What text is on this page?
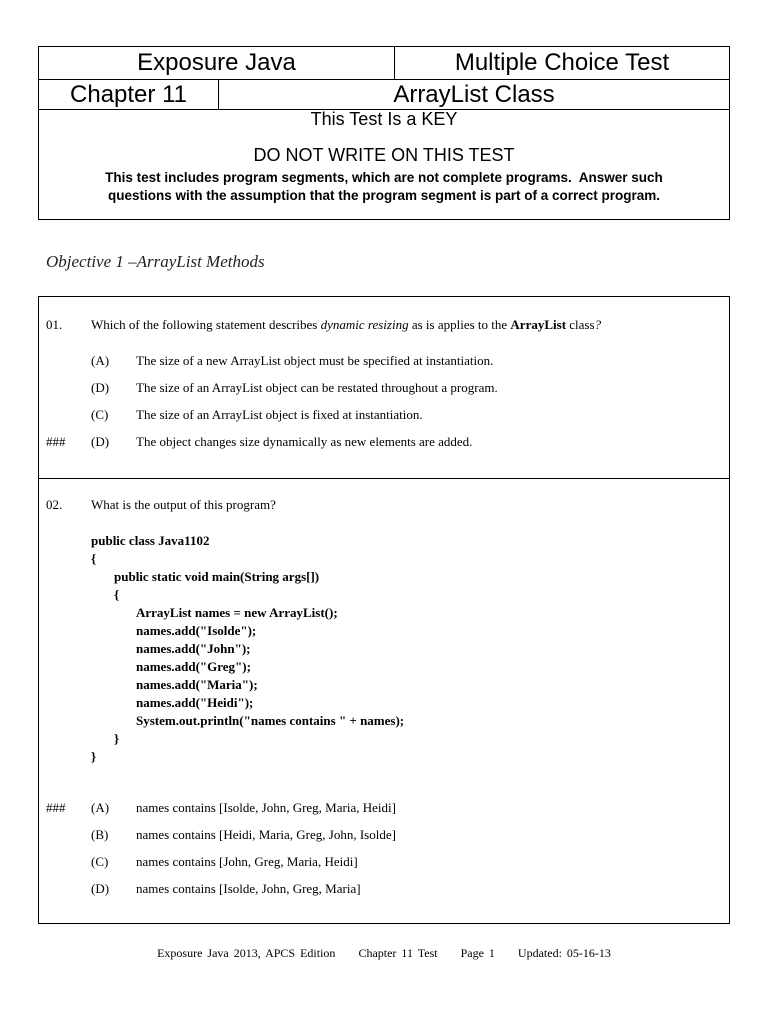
Exposure Java	Multiple Choice Test
Chapter 11	ArrayList Class
This Test Is a KEY
DO NOT WRITE ON THIS TEST
This test includes program segments, which are not complete programs.  Answer such
questions with the assumption that the program segment is part of a correct program.
Objective 1 –ArrayList Methods
01. Which of the following statement describes dynamic resizing as is applies to the ArrayList class?
(A) The size of a new ArrayList object must be specified at instantiation.
(D) The size of an ArrayList object can be restated throughout a program.
(C) The size of an ArrayList object is fixed at instantiation.
### (D) The object changes size dynamically as new elements are added.
02. What is the output of this program?
public class Java1102
{
public static void main(String args[])
{
ArrayList names = new ArrayList();
names.add("Isolde");
names.add("John");
names.add("Greg");
names.add("Maria");
names.add("Heidi");
System.out.println("names contains " + names);
}
}
### (A) names contains [Isolde, John, Greg, Maria, Heidi]
(B) names contains [Heidi, Maria, Greg, John, Isolde]
(C) names contains [John, Greg, Maria, Heidi]
(D) names contains [Isolde, John, Greg, Maria]
Exposure Java 2013, APCS Edition Chapter 11 Test Page 1 Updated: 05-16-13
